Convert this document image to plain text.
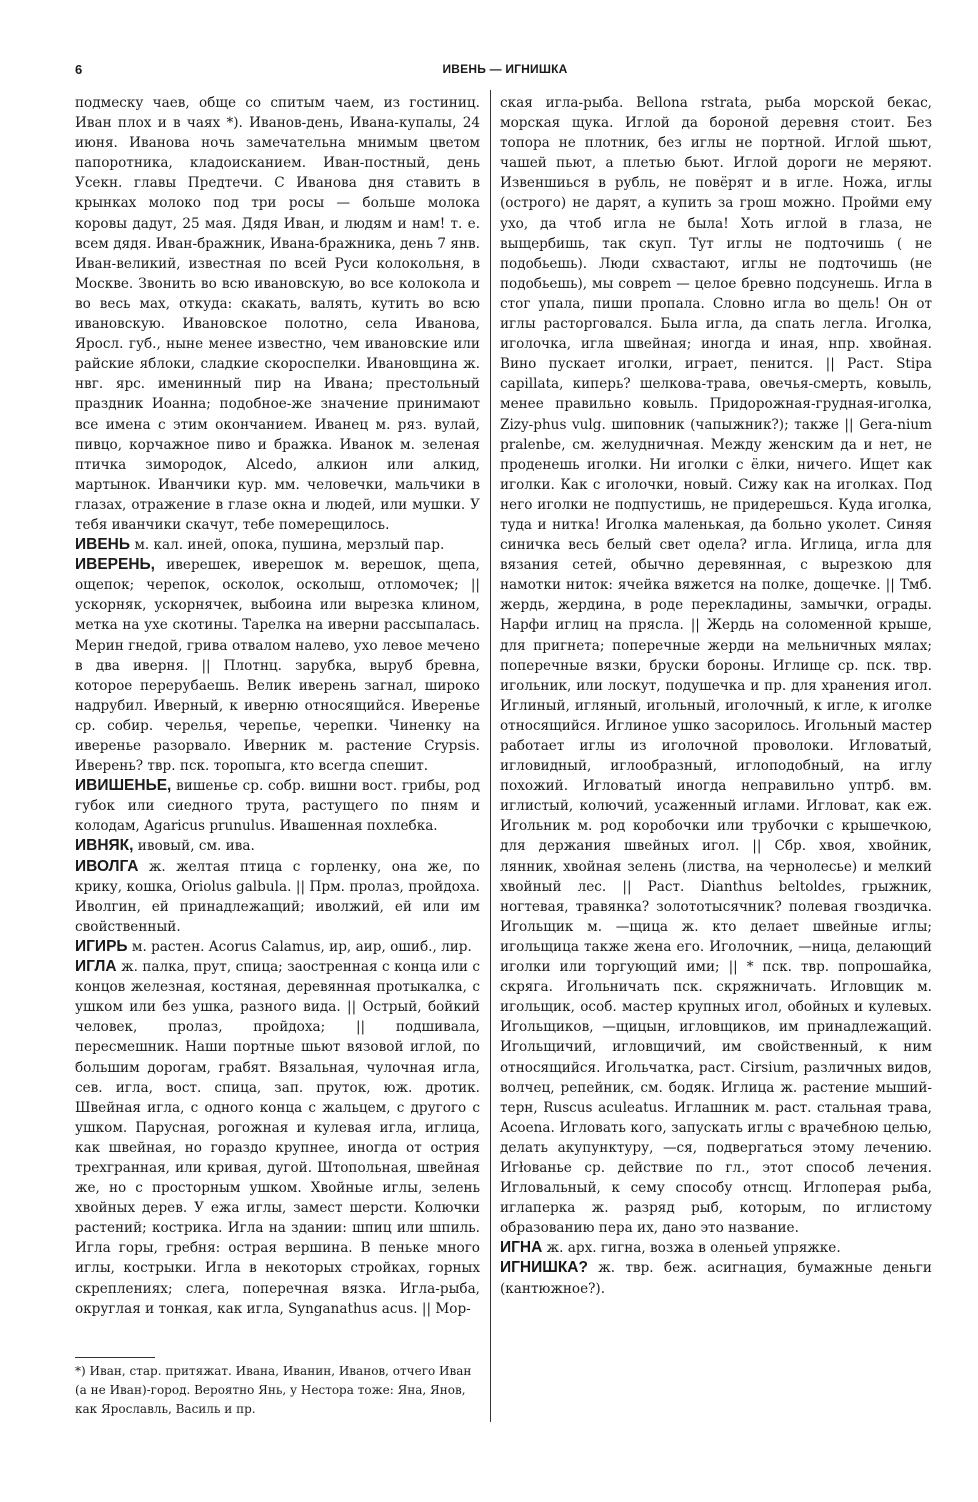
6	ИВЕНЬ — ИГНИШКА

подмеску чаев, обще со спитым чаем, из гостиниц. Иван плох и в чаях *). Иванов-день, Ивана-купалы, 24 июня. Иванова ночь замечательна мнимым цветом папоротника, кладоисканием. Иван-постный, день Усекн. главы Предтечи. С Иванова дня ставить в крынках молоко под три росы — больше молока коровы дадут, 25 мая. Дядя Иван, и людям и нам! т. е. всем дядя. Иван-бражник, Ивана-бражника, день 7 янв. Иван-великий, известная по всей Руси колокольня, в Москве. Звонить во всю ивановскую, во все колокола и во весь мах, откуда: скакать, валять, кутить во всю ивановскую. Ивановское полотно, села Иванова, Яросл. губ., ныне менее известно, чем ивановские или райские яблоки, сладкие скороспелки. Ивановщина ж. нвг. ярс. именинный пир на Ивана; престольный праздник Иоанна; подобное-же значение принимают все имена с этим окончанием. Иванец м. ряз. вулай, пивцо, корчажное пиво и бражка. Иванок м. зеленая птичка зимородок, Alcedo, алкион или алкид, мартынок. Иванчики кур. мм. человечки, мальчики в глазах, отражение в глазе окна и людей, или мушки. У тебя иванчики скачут, тебе померещилось.

ИВЕНЬ м. кал. иней, опока, пушина, мерзлый пар.

ИВЕРЕНЬ, иверешек, иверешок м. верешок, щепа, ощепок; черепок, осколок, осколыш, отломочек; || ускорняк, ускорнячек, выбоина или вырезка клином, метка на ухе скотины. Тарелка на иверни рассыпалась. Мерин гнедой, грива отвалом налево, ухо левое мечено в два иверня. || Плотнц. зарубка, выруб бревна, которое перерубаешь. Велик иверень загнал, широко надрубил. Иверный, к иверню относящийся. Иверенье ср. собир. черелья, черепье, черепки. Чиненку на иверенье разорвало. Иверник м. растение Crypsis. Иверень? твр. пск. торопыга, кто всегда спешит.

ИВИШЕНЬЕ, вишенье ср. собр. вишни вост. грибы, род губок или сиедного трута, растущего по пням и колодам, Agaricus prunulus. Ивашенная похлебка.

ИВНЯК, ивовый, см. ива.

ИВОЛГА ж. желтая птица с горленку, она же, по крику, кошка, Oriolus galbula. || Прм. пролаз, пройдоха. Иволгин, ей принадлежащий; иволжий, ей или им свойственный.

ИГИРЬ м. растен. Acorus Calamus, ир, аир, ошиб., лир.

ИГЛА ж. палка, прут, спица; заостренная с конца или с концов железная, костяная, деревянная протыкалка, с ушком или без ушка, разного вида. || Острый, бойкий человек, пролаз, пройдоха; || подшивала, пересмешник. Наши портные шьют вязовой иглой, по большим дорогам, грабят. Вязальная, чулочная игла, сев. игла, вост. спица, зап. пруток, юж. дротик. Швейная игла, с одного конца с жальцем, с другого с ушком. Парусная, рогожная и кулевая игла, иглица, как швейная, но гораздо крупнее, иногда от острия трехгранная, или кривая, дугой. Штопольная, швейная же, но с просторным ушком. Хвойные иглы, зелень хвойных дерев. У ежа иглы, замест шерсти. Колючки растений; кострика. Игла на здании: шпиц или шпиль. Игла горы, гребня: острая вершина. В пеньке много иглы, кострыки. Игла в некоторых стройках, горных скреплениях; слега, поперечная вязка. Игла-рыба, округлая и тонкая, как игла, Synganathus acus. || Мор-

ская игла-рыба. Bellona rstrata, рыба морской бекас, морская щука. Иглой да бороной деревня стоит. Без топора не плотник, без иглы не портной. Иглой шьют, чашей пьют, а плетью бьют. Иглой дороги не меряют. Извеншиься в рубль, не повёрят и в игле. Ножа, иглы (острого) не дарят, а купить за грош можно. Пройми ему ухо, да чтоб игла не была! Хоть иглой в глаза, не выщербишь, так скуп. Тут иглы не подточишь ( не подобьешь). Люди схвастают, иглы не подточишь (не подобьешь), мы совреm — целое бревно подсунешь. Игла в стог упала, пиши пропала. Словно игла во щель! Он от иглы расторговался. Была игла, да спать легла. Иголка, иголочка, игла швейная; иногда и иная, нпр. хвойная. Вино пускает иголки, играет, пенится. || Раст. Stipa capillata, киперь? шелкова-трава, овечья-смерть, ковыль, менее правильно ковыль. Придорожная-грудная-иголка, Zizy-phus vulg. шиповник (чапыжник?); также || Gera-nium pralenbe, см. желудничная. Между женским да и нет, не проденешь иголки. Ни иголки с ёлки, ничего. Ищет как иголки. Как с иголочки, новый. Сижу как на иголках. Под него иголки не подпустишь, не придерешься. Куда иголка, туда и нитка! Иголка маленькая, да больно уколет. Синяя синичка весь белый свет одела? игла. Иглица, игла для вязания сетей, обычно деревянная, с вырезкою для намотки ниток: ячейка вяжется на полке, дощечке. || Тмб. жердь, жердина, в роде перекладины, замычки, ограды. Нарфи иглиц на прясла. || Жердь на соломенной крыше, для пригнета; поперечные жерди на мельничных мялах; поперечные вязки, бруски бороны. Иглище ср. пск. твр. игольник, или лоскут, подушечка и пр. для хранения игол. Иглиный, игляный, игольный, иголочный, к игле, к иголке относящийся. Иглиное ушко засорилось. Игольный мастер работает иглы из иголочной проволоки. Игловатый, игловидный, иглообразный, иглоподобный, на иглу похожий. Игловатый иногда неправильно уптрб. вм. иглистый, колючий, усаженный иглами. Игловат, как еж. Игольник м. род коробочки или трубочки с крышечкою, для держания швейных игол. || Сбр. хвоя, хвойник, лянник, хвойная зелень (листва, на чернолесье) и мелкий хвойный лес. || Раст. Dianthus beltoldes, грыжник, ногтевая, травянка? золототысячник? полевая гвоздичка. Игольщик м. —щица ж. кто делает швейные иглы; игольщица также жена его. Иголочник, —ница, делающий иголки или торгующий ими; || * пск. твр. попрошайка, скряга. Игольничать пск. скряжничать. Игловщик м. игольщик, особ. мастер крупных игол, обойных и кулевых. Игольщиков, —щицын, игловщиков, им принадлежащий. Игольщичий, игловщичий, им свойственный, к ним относящийся. Игольчатка, раст. Cirsium, различных видов, волчец, репейник, см. бодяк. Иглица ж. растение мыший-терн, Ruscus aculeatus. Иглашник м. раст. стальная трава, Acoena. Игловать кого, запускать иглы с врачебною целью, делать акупунктуру, —ся, подвергаться этому лечению. Игłoванье ср. действие по гл., этот способ лечения. Игловальный, к сему способу отнсщ. Иглоперая рыба, иглаперка ж. разряд рыб, которым, по иглистому образованию пера их, дано это название.

ИГНА ж. арх. гигна, возжа в оленьей упряжке.

ИГНИШКА? ж. твр. беж. асигнация, бумажные деньги (кантюжное?).

*) Иван, стар. притяжат. Ивана, Иванин, Иванов, отчего Иван (а не Иван)-город. Вероятно Янь, у Нестора тоже: Яна, Янов, как Ярославль, Василь и пр.
